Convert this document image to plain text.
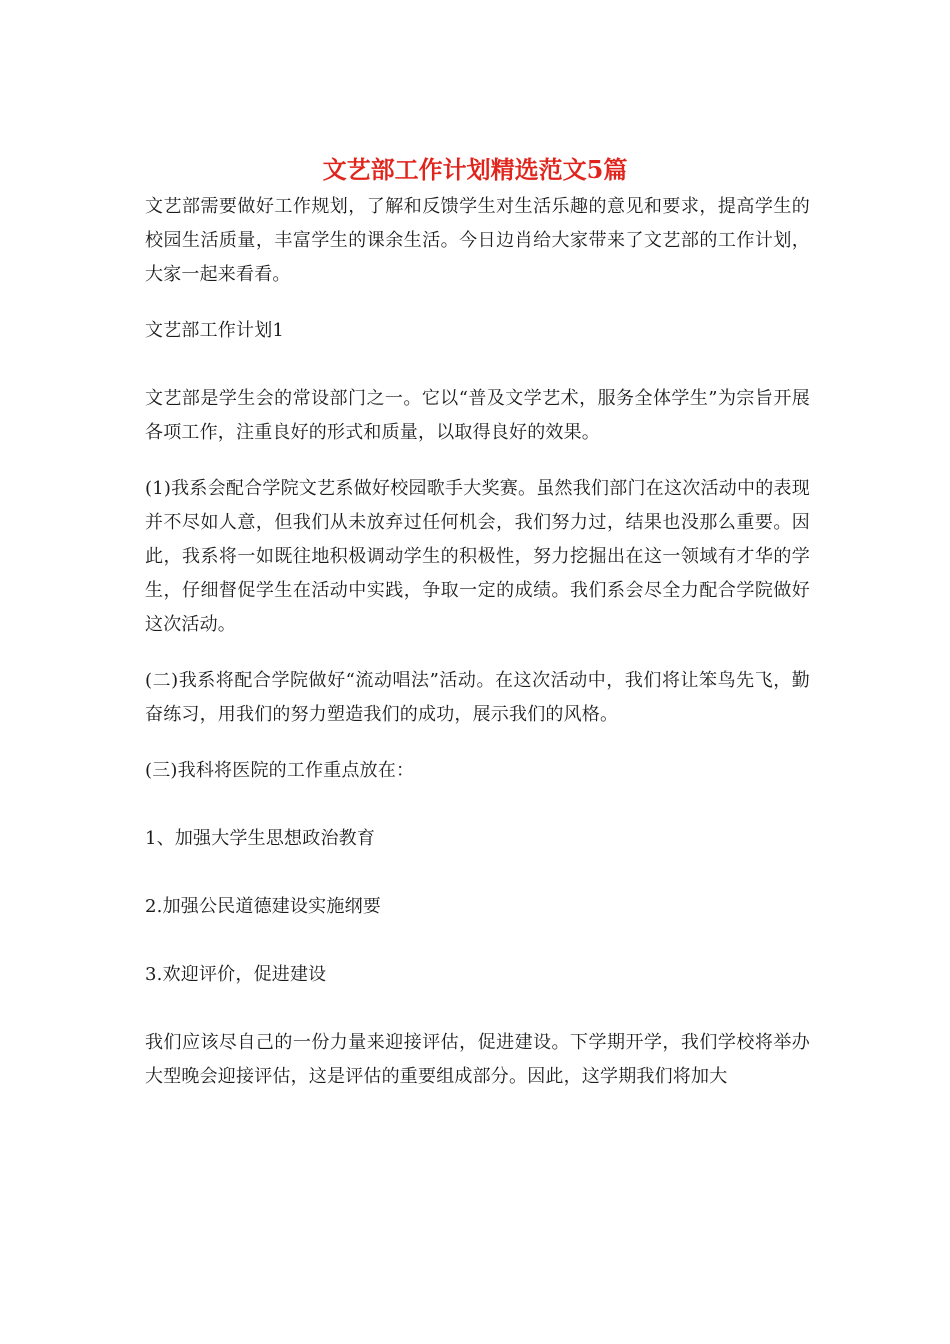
文艺部工作计划精选范文5篇

文艺部需要做好工作规划，了解和反馈学生对生活乐趣的意见和要求，提高学生的校园生活质量，丰富学生的课余生活。今日边肖给大家带来了文艺部的工作计划，大家一起来看看。

文艺部工作计划1

文艺部是学生会的常设部门之一。它以“普及文学艺术，服务全体学生”为宗旨开展各项工作，注重良好的形式和质量，以取得良好的效果。

(1)我系会配合学院文艺系做好校园歌手大奖赛。虽然我们部门在这次活动中的表现并不尽如人意，但我们从未放弃过任何机会，我们努力过，结果也没那么重要。因此，我系将一如既往地积极调动学生的积极性，努力挖掘出在这一领域有才华的学生，仔细督促学生在活动中实践，争取一定的成绩。我们系会尽全力配合学院做好这次活动。

(二)我系将配合学院做好“流动唱法”活动。在这次活动中，我们将让笨鸟先飞，勤奋练习，用我们的努力塑造我们的成功，展示我们的风格。

(三)我科将医院的工作重点放在：

1、加强大学生思想政治教育

2.加强公民道德建设实施纲要

3.欢迎评价，促进建设

我们应该尽自己的一份力量来迎接评估，促进建设。下学期开学，我们学校将举办大型晚会迎接评估，这是评估的重要组成部分。因此，这学期我们将加大
